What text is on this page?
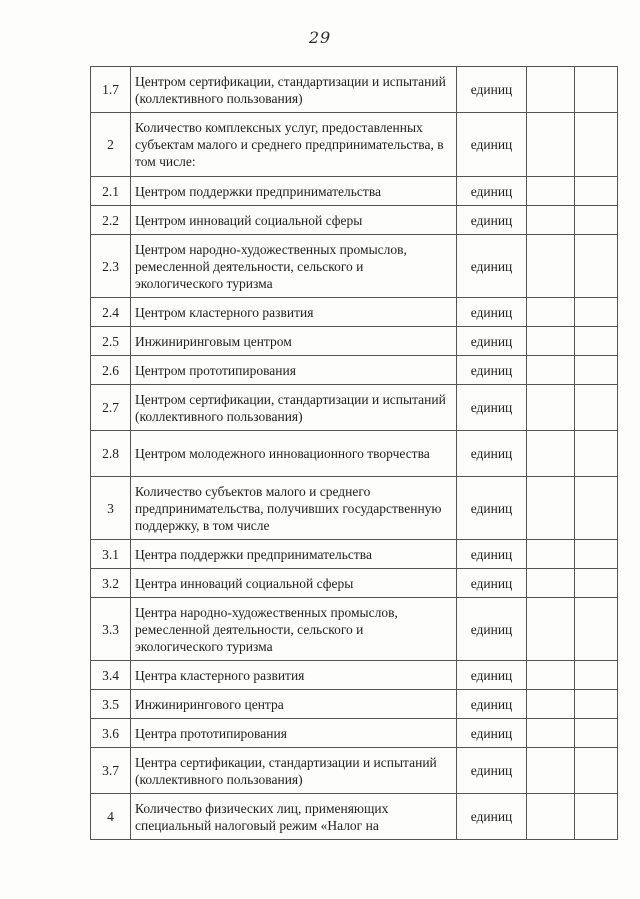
29
1.7	Центром сертификации, стандартизации и испытаний (коллективного пользования)	единиц		
2	Количество комплексных услуг, предоставленных субъектам малого и среднего предпринимательства, в том числе:	единиц		
2.1	Центром поддержки предпринимательства	единиц		
2.2	Центром инноваций социальной сферы	единиц		
2.3	Центром народно-художественных промыслов, ремесленной деятельности, сельского и экологического туризма	единиц		
2.4	Центром кластерного развития	единиц		
2.5	Инжиниринговым центром	единиц		
2.6	Центром прототипирования	единиц		
2.7	Центром сертификации, стандартизации и испытаний (коллективного пользования)	единиц		
2.8	Центром молодежного инновационного творчества	единиц		
3	Количество субъектов малого и среднего предпринимательства, получивших государственную поддержку, в том числе	единиц		
3.1	Центра поддержки предпринимательства	единиц		
3.2	Центра инноваций социальной сферы	единиц		
3.3	Центра народно-художественных промыслов, ремесленной деятельности, сельского и экологического туризма	единиц		
3.4	Центра кластерного развития	единиц		
3.5	Инжинирингового центра	единиц		
3.6	Центра прототипирования	единиц		
3.7	Центра сертификации, стандартизации и испытаний (коллективного пользования)	единиц		
4	Количество физических лиц, применяющих специальный налоговый режим «Налог на	единиц		
